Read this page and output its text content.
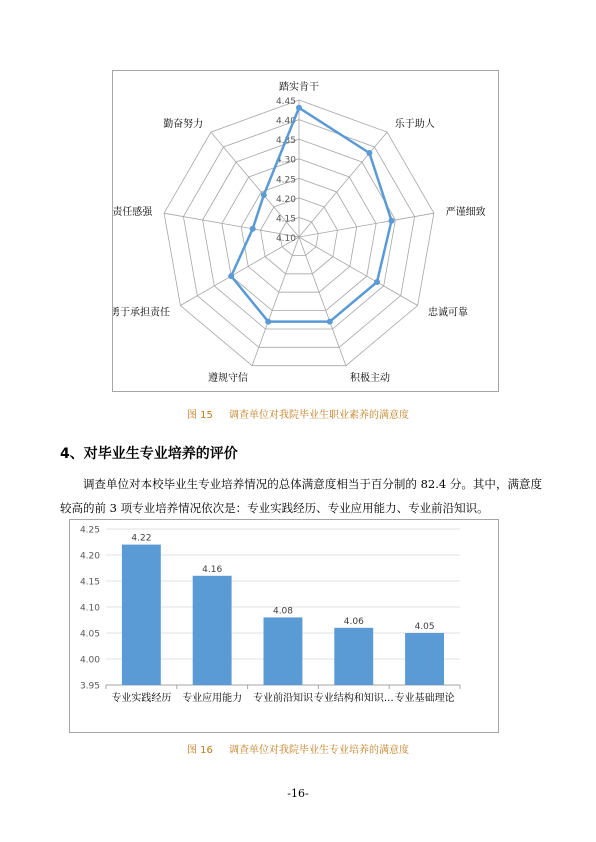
4.10
4.15
4.20
4.25
4.30
4.35
4.40
4.45
踏实肯干
乐于助人
严谨细致
忠诚可靠
积极主动
遵规守信
勇于承担责任
责任感强
勤奋努力
图 15 调查单位对我院毕业生职业素养的满意度
4、对毕业生专业培养的评价

调查单位对本校毕业生专业培养情况的总体满意度相当于百分制的 82.4 分。其中，满意度较高的前 3 项专业培养情况依次是：专业实践经历、专业应用能力、专业前沿知识。

3.95
4.00
4.05
4.10
4.15
4.20
4.25
4.22
专业实践经历
4.16
专业应用能力
4.08
专业前沿知识
4.06
专业结构和知识…
4.05
专业基础理论
图 16 调查单位对我院毕业生专业培养的满意度
-16-
